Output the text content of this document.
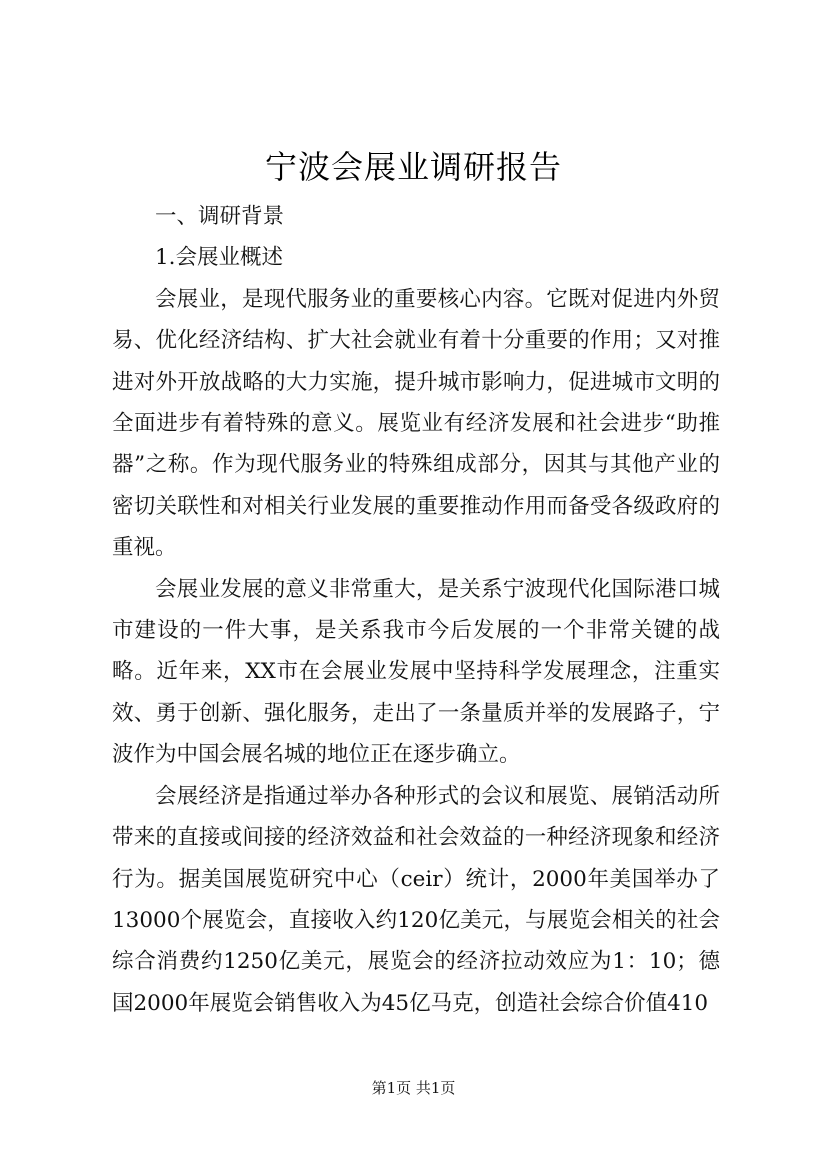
宁波会展业调研报告

一、调研背景

1.会展业概述

会展业，是现代服务业的重要核心内容。它既对促进内外贸易、优化经济结构、扩大社会就业有着十分重要的作用；又对推进对外开放战略的大力实施，提升城市影响力，促进城市文明的全面进步有着特殊的意义。展览业有经济发展和社会进步“助推器”之称。作为现代服务业的特殊组成部分，因其与其他产业的密切关联性和对相关行业发展的重要推动作用而备受各级政府的重视。

会展业发展的意义非常重大，是关系宁波现代化国际港口城市建设的一件大事，是关系我市今后发展的一个非常关键的战略。近年来，XX市在会展业发展中坚持科学发展理念，注重实效、勇于创新、强化服务，走出了一条量质并举的发展路子，宁波作为中国会展名城的地位正在逐步确立。

会展经济是指通过举办各种形式的会议和展览、展销活动所带来的直接或间接的经济效益和社会效益的一种经济现象和经济行为。据美国展览研究中心（ceir）统计，2000年美国举办了13000个展览会，直接收入约120亿美元，与展览会相关的社会综合消费约1250亿美元，展览会的经济拉动效应为1：10；德国2000年展览会销售收入为45亿马克，创造社会综合价值410

第1页 共1页
